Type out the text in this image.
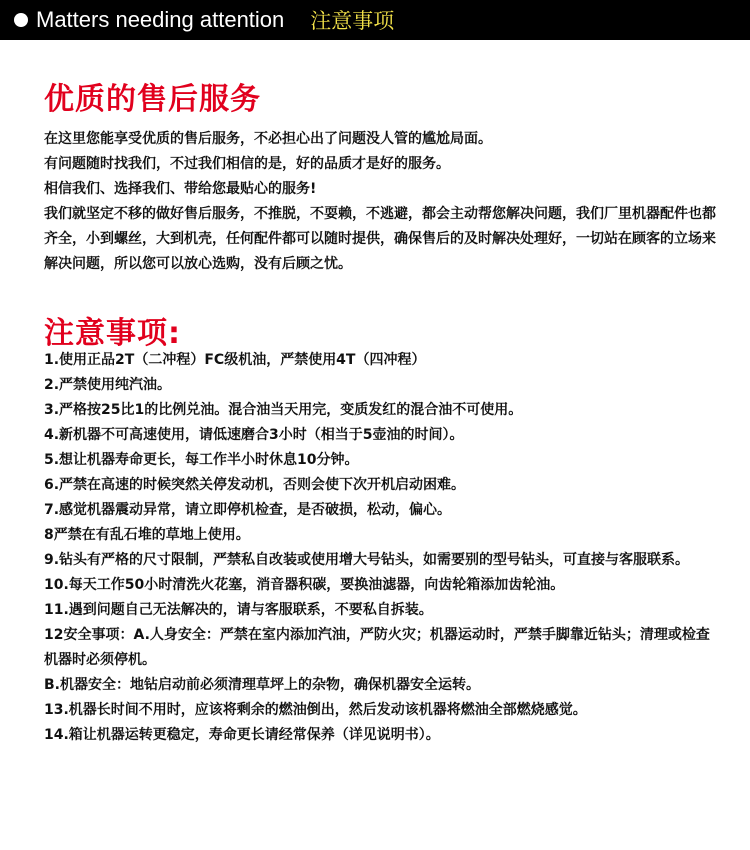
Matters needing attention 注意事项
优质的售后服务
在这里您能享受优质的售后服务，不必担心出了问题没人管的尴尬局面。
有问题随时找我们，不过我们相信的是，好的品质才是好的服务。
相信我们、选择我们、带给您最贴心的服务!
我们就坚定不移的做好售后服务，不推脱，不耍赖，不逃避，都会主动帮您解决问题，我们厂里机器配件也都齐全，小到螺丝，大到机壳，任何配件都可以随时提供，确保售后的及时解决处理好，一切站在顾客的立场来解决问题，所以您可以放心选购，没有后顾之忧。
注意事项:
1.使用正品2T（二冲程）FC级机油，严禁使用4T（四冲程）
2.严禁使用纯汽油。
3.严格按25比1的比例兑油。混合油当天用完，变质发红的混合油不可使用。
4.新机器不可高速使用，请低速磨合3小时（相当于5壶油的时间）。
5.想让机器寿命更长，每工作半小时休息10分钟。
6.严禁在高速的时候突然关停发动机，否则会使下次开机启动困难。
7.感觉机器震动异常，请立即停机检查，是否破损，松动，偏心。
8严禁在有乱石堆的草地上使用。
9.钻头有严格的尺寸限制，严禁私自改装或使用增大号钻头，如需要别的型号钻头，可直接与客服联系。
10.每天工作50小时清洗火花塞，消音器积碳，要换油滤器，向齿轮箱添加齿轮油。
11.遇到问题自己无法解决的，请与客服联系，不要私自拆装。
12安全事项：A.人身安全：严禁在室内添加汽油，严防火灾；机器运动时，严禁手脚靠近钻头；清理或检查机器时必须停机。
B.机器安全：地钻启动前必须清理草坪上的杂物，确保机器安全运转。
13.机器长时间不用时，应该将剩余的燃油倒出，然后发动该机器将燃油全部燃烧感觉。
14.箱让机器运转更稳定，寿命更长请经常保养（详见说明书）。
